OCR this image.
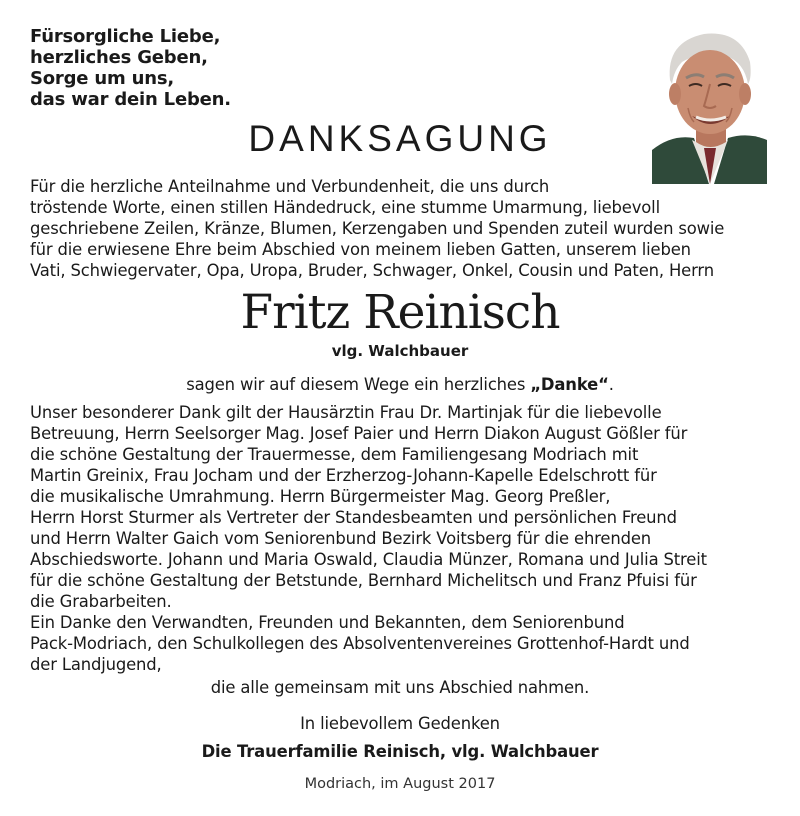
Fürsorgliche Liebe,
herzliches Geben,
Sorge um uns,
das war dein Leben.
DANKSAGUNG
Für die herzliche Anteilnahme und Verbundenheit, die uns durch
tröstende Worte, einen stillen Händedruck, eine stumme Umarmung, liebevoll
geschriebene Zeilen, Kränze, Blumen, Kerzengaben und Spenden zuteil wurden sowie
für die erwiesene Ehre beim Abschied von meinem lieben Gatten, unserem lieben
Vati, Schwiegervater, Opa, Uropa, Bruder, Schwager, Onkel, Cousin und Paten, Herrn
Fritz Reinisch
vlg. Walchbauer
sagen wir auf diesem Wege ein herzliches „Danke“.
Unser besonderer Dank gilt der Hausärztin Frau Dr. Martinjak für die liebevolle
Betreuung, Herrn Seelsorger Mag. Josef Paier und Herrn Diakon August Gößler für
die schöne Gestaltung der Trauermesse, dem Familiengesang Modriach mit
Martin Greinix, Frau Jocham und der Erzherzog-Johann-Kapelle Edelschrott für
die musikalische Umrahmung. Herrn Bürgermeister Mag. Georg Preßler,
Herrn Horst Sturmer als Vertreter der Standesbeamten und persönlichen Freund
und Herrn Walter Gaich vom Seniorenbund Bezirk Voitsberg für die ehrenden
Abschiedsworte. Johann und Maria Oswald, Claudia Münzer, Romana und Julia Streit
für die schöne Gestaltung der Betstunde, Bernhard Michelitsch und Franz Pfuisi für
die Grabarbeiten.
Ein Danke den Verwandten, Freunden und Bekannten, dem Seniorenbund
Pack-Modriach, den Schulkollegen des Absolventenvereines Grottenhof-Hardt und
der Landjugend,
die alle gemeinsam mit uns Abschied nahmen.
In liebevollem Gedenken
Die Trauerfamilie Reinisch, vlg. Walchbauer
Modriach, im August 2017
